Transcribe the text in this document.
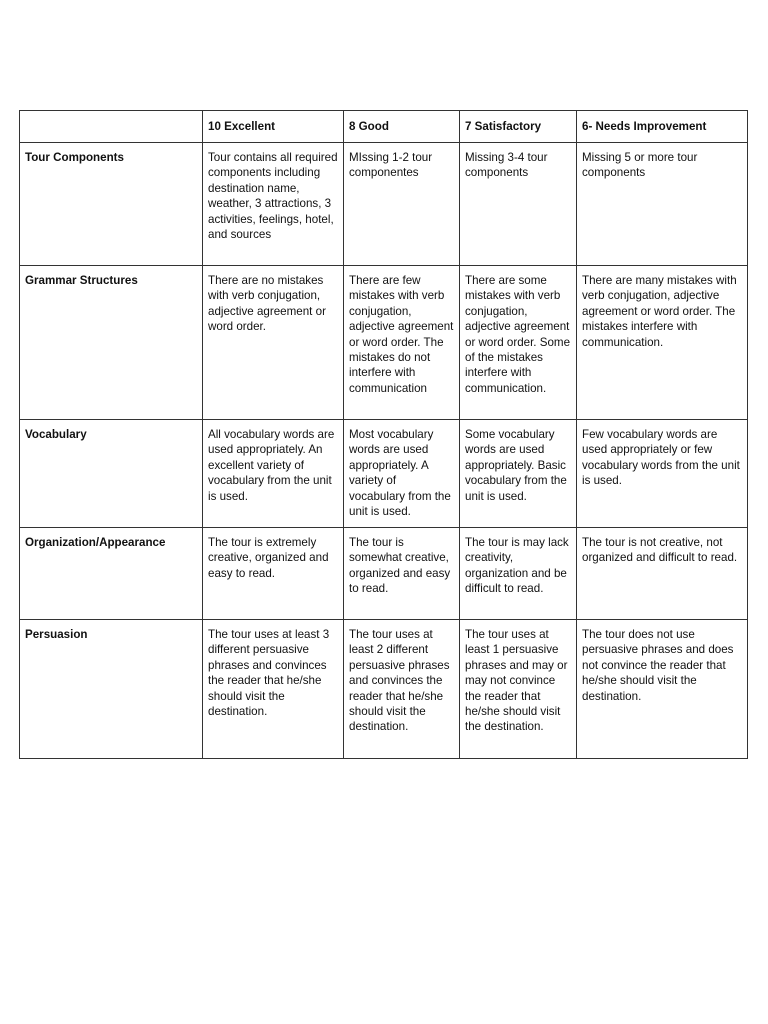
	10 Excellent	8 Good	7 Satisfactory	6- Needs Improvement
Tour Components	Tour contains all required components including destination name, weather, 3 attractions, 3 activities, feelings, hotel, and sources	MIssing 1-2 tour componentes	Missing 3-4 tour components	Missing 5 or more tour components
Grammar Structures	There are no mistakes with verb conjugation, adjective agreement or word order.	There are few mistakes with verb conjugation, adjective agreement or word order. The mistakes do not interfere with communication	There are some mistakes with verb conjugation, adjective agreement or word order. Some of the mistakes interfere with communication.	There are many mistakes with verb conjugation, adjective agreement or word order. The mistakes interfere with communication.
Vocabulary	All vocabulary words are used appropriately. An excellent variety of vocabulary from the unit is used.	Most vocabulary words are used appropriately. A variety of vocabulary from the unit is used.	Some vocabulary words are used appropriately. Basic vocabulary from the unit is used.	Few vocabulary words are used appropriately or few vocabulary words from the unit is used.
Organization/Appearance	The tour is extremely creative, organized and easy to read.	The tour is somewhat creative, organized and easy to read.	The tour is may lack creativity, organization and be difficult to read.	The tour is not creative, not organized and difficult to read.
Persuasion	The tour uses at least 3 different persuasive phrases and convinces the reader that he/she should visit the destination.	The tour uses at least 2 different persuasive phrases and convinces the reader that he/she should visit the destination.	The tour uses at least 1 persuasive phrases and may or may not convince the reader that he/she should visit the destination.	The tour does not use persuasive phrases and does not convince the reader that he/she should visit the destination.
